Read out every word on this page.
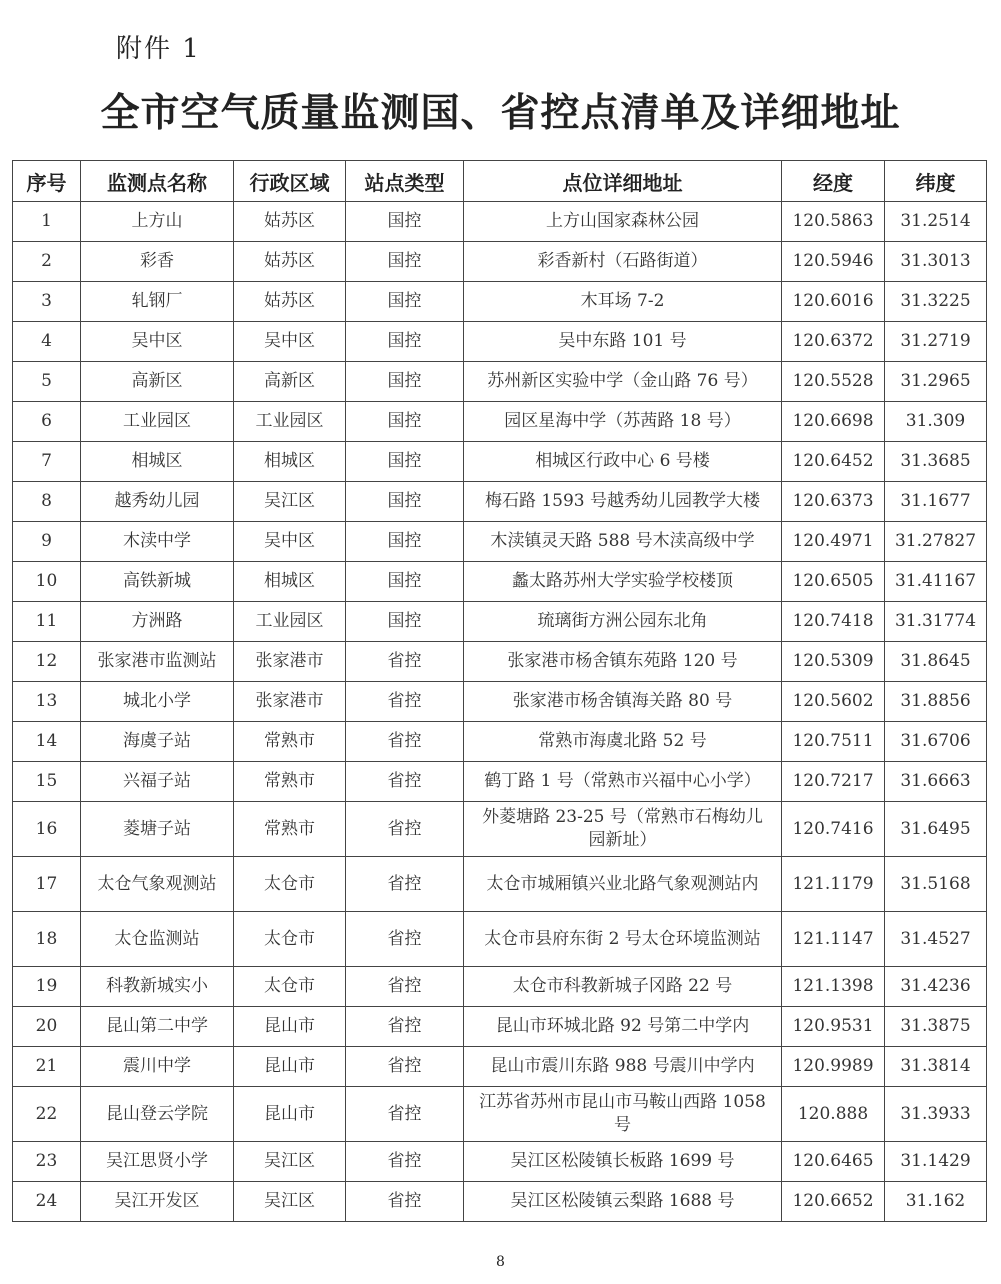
附件 1
全市空气质量监测国、省控点清单及详细地址
序号	监测点名称	行政区域	站点类型	点位详细地址	经度	纬度
1	上方山	姑苏区	国控	上方山国家森林公园	120.5863	31.2514
2	彩香	姑苏区	国控	彩香新村（石路街道）	120.5946	31.3013
3	轧钢厂	姑苏区	国控	木耳场 7-2	120.6016	31.3225
4	吴中区	吴中区	国控	吴中东路 101 号	120.6372	31.2719
5	高新区	高新区	国控	苏州新区实验中学（金山路 76 号）	120.5528	31.2965
6	工业园区	工业园区	国控	园区星海中学（苏茜路 18 号）	120.6698	31.309
7	相城区	相城区	国控	相城区行政中心 6 号楼	120.6452	31.3685
8	越秀幼儿园	吴江区	国控	梅石路 1593 号越秀幼儿园教学大楼	120.6373	31.1677
9	木渎中学	吴中区	国控	木渎镇灵天路 588 号木渎高级中学	120.4971	31.27827
10	高铁新城	相城区	国控	蠡太路苏州大学实验学校楼顶	120.6505	31.41167
11	方洲路	工业园区	国控	琉璃街方洲公园东北角	120.7418	31.31774
12	张家港市监测站	张家港市	省控	张家港市杨舍镇东苑路 120 号	120.5309	31.8645
13	城北小学	张家港市	省控	张家港市杨舍镇海关路 80 号	120.5602	31.8856
14	海虞子站	常熟市	省控	常熟市海虞北路 52 号	120.7511	31.6706
15	兴福子站	常熟市	省控	鹤丁路 1 号（常熟市兴福中心小学）	120.7217	31.6663
16	菱塘子站	常熟市	省控	外菱塘路 23-25 号（常熟市石梅幼儿园新址）	120.7416	31.6495
17	太仓气象观测站	太仓市	省控	太仓市城厢镇兴业北路气象观测站内	121.1179	31.5168
18	太仓监测站	太仓市	省控	太仓市县府东街 2 号太仓环境监测站	121.1147	31.4527
19	科教新城实小	太仓市	省控	太仓市科教新城子冈路 22 号	121.1398	31.4236
20	昆山第二中学	昆山市	省控	昆山市环城北路 92 号第二中学内	120.9531	31.3875
21	震川中学	昆山市	省控	昆山市震川东路 988 号震川中学内	120.9989	31.3814
22	昆山登云学院	昆山市	省控	江苏省苏州市昆山市马鞍山西路 1058 号	120.888	31.3933
23	吴江思贤小学	吴江区	省控	吴江区松陵镇长板路 1699 号	120.6465	31.1429
24	吴江开发区	吴江区	省控	吴江区松陵镇云梨路 1688 号	120.6652	31.162
8
